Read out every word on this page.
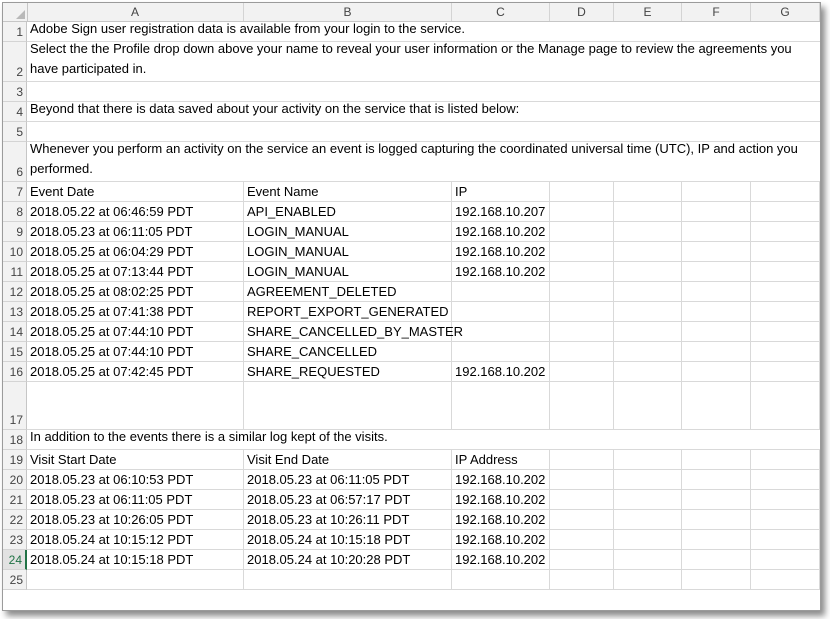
A	B	C	D	E	F	G
1 Adobe Sign user registration data is available from your login to the service.
2
Select the the Profile drop down above your name to reveal your user information or the Manage page to review the agreements you have participated in.
3
4 Beyond that there is data saved about your activity on the service that is listed below:
5
6
Whenever you perform an activity on the service an event is logged capturing the coordinated universal time (UTC), IP and action you performed.
7 Event Date	Event Name	IP
8 2018.05.22 at 06:46:59 PDT	API_ENABLED	192.168.10.207
9 2018.05.23 at 06:11:05 PDT	LOGIN_MANUAL	192.168.10.202
10 2018.05.25 at 06:04:29 PDT	LOGIN_MANUAL	192.168.10.202
11 2018.05.25 at 07:13:44 PDT	LOGIN_MANUAL	192.168.10.202
12 2018.05.25 at 08:02:25 PDT	AGREEMENT_DELETED
13 2018.05.25 at 07:41:38 PDT	REPORT_EXPORT_GENERATED
14 2018.05.25 at 07:44:10 PDT	SHARE_CANCELLED_BY_MASTER
15 2018.05.25 at 07:44:10 PDT	SHARE_CANCELLED
16 2018.05.25 at 07:42:45 PDT	SHARE_REQUESTED	192.168.10.202
17
18 In addition to the events there is a similar log kept of the visits.
19 Visit Start Date	Visit End Date	IP Address
20 2018.05.23 at 06:10:53 PDT	2018.05.23 at 06:11:05 PDT	192.168.10.202
21 2018.05.23 at 06:11:05 PDT	2018.05.23 at 06:57:17 PDT	192.168.10.202
22 2018.05.23 at 10:26:05 PDT	2018.05.23 at 10:26:11 PDT	192.168.10.202
23 2018.05.24 at 10:15:12 PDT	2018.05.24 at 10:15:18 PDT	192.168.10.202
24 2018.05.24 at 10:15:18 PDT	2018.05.24 at 10:20:28 PDT	192.168.10.202
25
